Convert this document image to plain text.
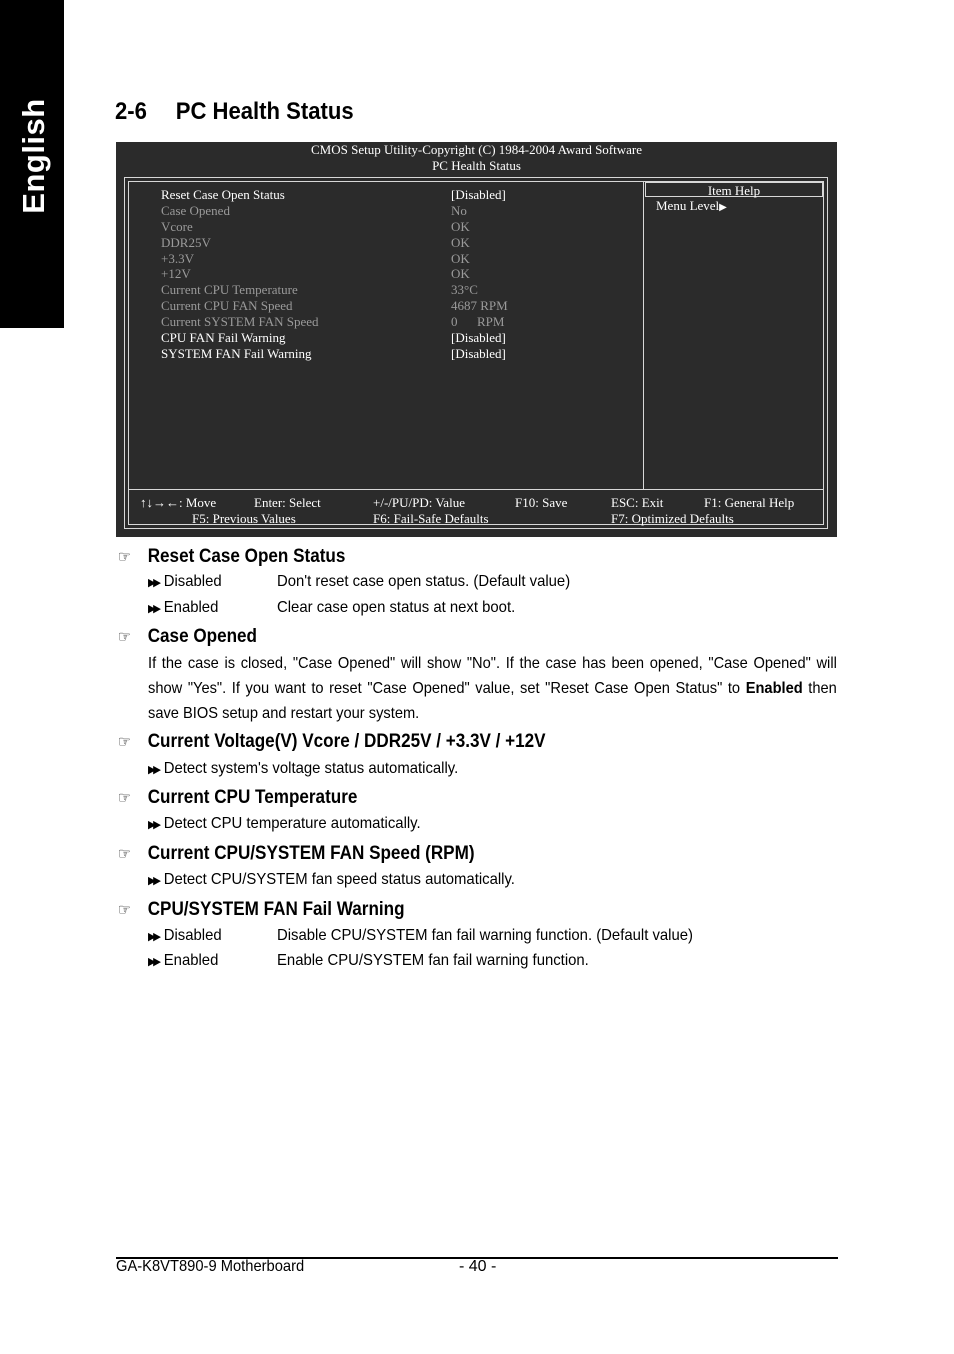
English	2-6 PC Health Status
CMOS Setup Utility-Copyright (C) 1984-2004 Award Software
PC Health Status
Reset Case Open Status	[Disabled]
Case Opened	No
Vcore	OK
DDR25V	OK
+3.3V	OK
+12V	OK
Current CPU Temperature	33°C
Current CPU FAN Speed	4687 RPM
Current SYSTEM FAN Speed	0      RPM
CPU FAN Fail Warning	[Disabled]
SYSTEM FAN Fail Warning	[Disabled]
Item Help
Menu Level▶
↑↓→←: Move	Enter: Select	+/-/PU/PD: Value	F10: Save	ESC: Exit	F1: General Help
F5: Previous Values	F6: Fail-Safe Defaults	F7: Optimized Defaults
☞ Reset Case Open Status
▶▶ Disabled	Don't reset case open status. (Default value)
▶▶ Enabled	Clear case open status at next boot.
☞ Case Opened
If the case is closed, "Case Opened" will show "No". If the case has been opened, "Case Opened" will show "Yes". If you want to reset "Case Opened" value, set "Reset Case Open Status" to Enabled then save BIOS setup and restart your system.
☞ Current Voltage(V) Vcore / DDR25V / +3.3V / +12V
▶▶ Detect system's voltage status automatically.
☞ Current CPU Temperature
▶▶ Detect CPU temperature automatically.
☞ Current CPU/SYSTEM FAN Speed (RPM)
▶▶ Detect CPU/SYSTEM fan speed status automatically.
☞ CPU/SYSTEM FAN Fail Warning
▶▶ Disabled	Disable CPU/SYSTEM fan fail warning function. (Default value)
▶▶ Enabled	Enable CPU/SYSTEM fan fail warning function.
GA-K8VT890-9 Motherboard	- 40 -
